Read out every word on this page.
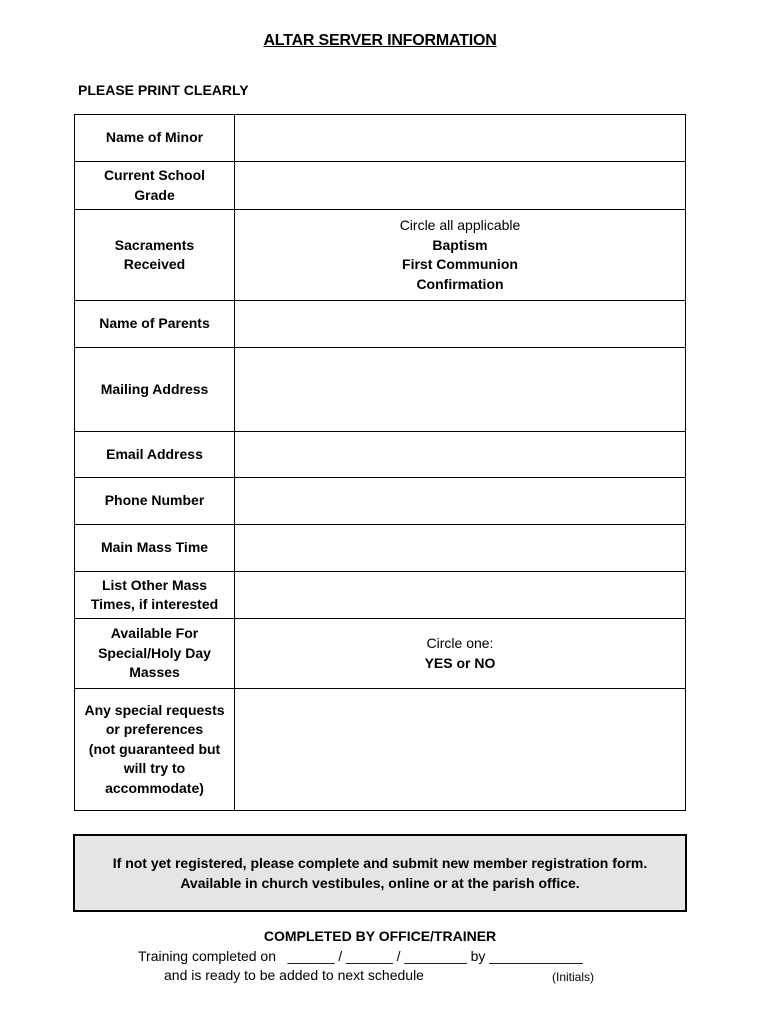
ALTAR SERVER INFORMATION
PLEASE PRINT CLEARLY
Name of Minor	

Current School
Grade	

Sacraments
Received	Circle all applicable
Baptism
First Communion
Confirmation

Name of Parents	

Mailing Address	

Email Address	

Phone Number	

Main Mass Time	

List Other Mass
Times, if interested	

Available For
Special/Holy Day
Masses	Circle one:
YES or NO

Any special requests
or preferences
(not guaranteed but
will try to
accommodate)	

If not yet registered, please complete and submit new member registration form.
Available in church vestibules, online or at the parish office.
COMPLETED BY OFFICE/TRAINER
Training completed on   ______ / ______ / ________ by ____________
and is ready to be added to next schedule	(Initials)
